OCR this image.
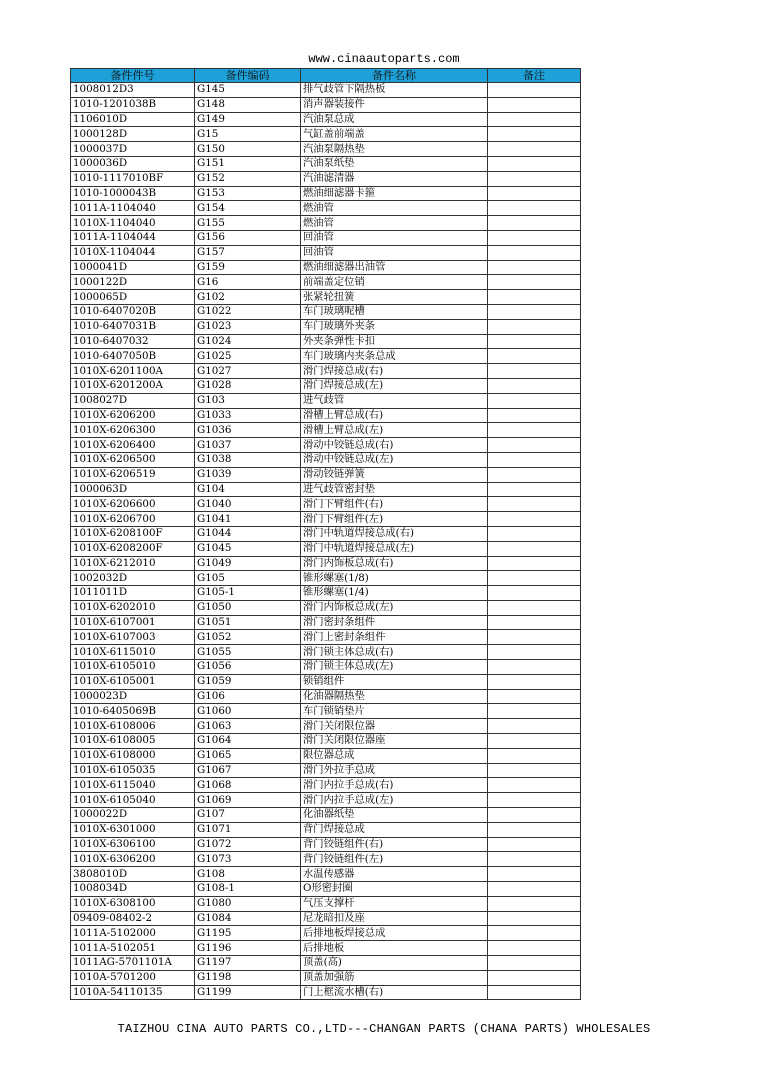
www.cinaautoparts.com
备件件号	备件编码	备件名称	备注
1008012D3	G145	排气歧管下隔热板	
1010-1201038B	G148	消声器装接件	
1106010D	G149	汽油泵总成	
1000128D	G15	气缸盖前端盖	
1000037D	G150	汽油泵隔热垫	
1000036D	G151	汽油泵纸垫	
1010-1117010BF	G152	汽油滤清器	
1010-1000043B	G153	燃油细滤器卡箍	
1011A-1104040	G154	燃油管	
1010X-1104040	G155	燃油管	
1011A-1104044	G156	回油管	
1010X-1104044	G157	回油管	
1000041D	G159	燃油细滤器出油管	
1000122D	G16	前端盖定位销	
1000065D	G102	张紧轮扭簧	
1010-6407020B	G1022	车门玻璃呢槽	
1010-6407031B	G1023	车门玻璃外夹条	
1010-6407032	G1024	外夹条弹性卡扣	
1010-6407050B	G1025	车门玻璃内夹条总成	
1010X-6201100A	G1027	滑门焊接总成(右)	
1010X-6201200A	G1028	滑门焊接总成(左)	
1008027D	G103	进气歧管	
1010X-6206200	G1033	滑槽上臂总成(右)	
1010X-6206300	G1036	滑槽上臂总成(左)	
1010X-6206400	G1037	滑动中铰链总成(右)	
1010X-6206500	G1038	滑动中铰链总成(左)	
1010X-6206519	G1039	滑动铰链弹簧	
1000063D	G104	进气歧管密封垫	
1010X-6206600	G1040	滑门下臂组件(右)	
1010X-6206700	G1041	滑门下臂组件(左)	
1010X-6208100F	G1044	滑门中轨道焊接总成(右)	
1010X-6208200F	G1045	滑门中轨道焊接总成(左)	
1010X-6212010	G1049	滑门内饰板总成(右)	
1002032D	G105	锥形螺塞(1/8)	
1011011D	G105-1	锥形螺塞(1/4)	
1010X-6202010	G1050	滑门内饰板总成(左)	
1010X-6107001	G1051	滑门密封条组件	
1010X-6107003	G1052	滑门上密封条组件	
1010X-6115010	G1055	滑门锁主体总成(右)	
1010X-6105010	G1056	滑门锁主体总成(左)	
1010X-6105001	G1059	锁销组件	
1000023D	G106	化油器隔热垫	
1010-6405069B	G1060	车门锁销垫片	
1010X-6108006	G1063	滑门关闭限位器	
1010X-6108005	G1064	滑门关闭限位器座	
1010X-6108000	G1065	限位器总成	
1010X-6105035	G1067	滑门外拉手总成	
1010X-6115040	G1068	滑门内拉手总成(右)	
1010X-6105040	G1069	滑门内拉手总成(左)	
1000022D	G107	化油器纸垫	
1010X-6301000	G1071	背门焊接总成	
1010X-6306100	G1072	背门铰链组件(右)	
1010X-6306200	G1073	背门铰链组件(左)	
3808010D	G108	水温传感器	
1008034D	G108-1	O形密封圈	
1010X-6308100	G1080	气压支撑杆	
09409-08402-2	G1084	尼龙暗扣及座	
1011A-5102000	G1195	后排地板焊接总成	
1011A-5102051	G1196	后排地板	
1011AG-5701101A	G1197	顶盖(高)	
1010A-5701200	G1198	顶盖加强筋	
1010A-54110135	G1199	门上框流水槽(右)	
TAIZHOU CINA AUTO PARTS CO.,LTD---CHANGAN PARTS (CHANA PARTS) WHOLESALES
